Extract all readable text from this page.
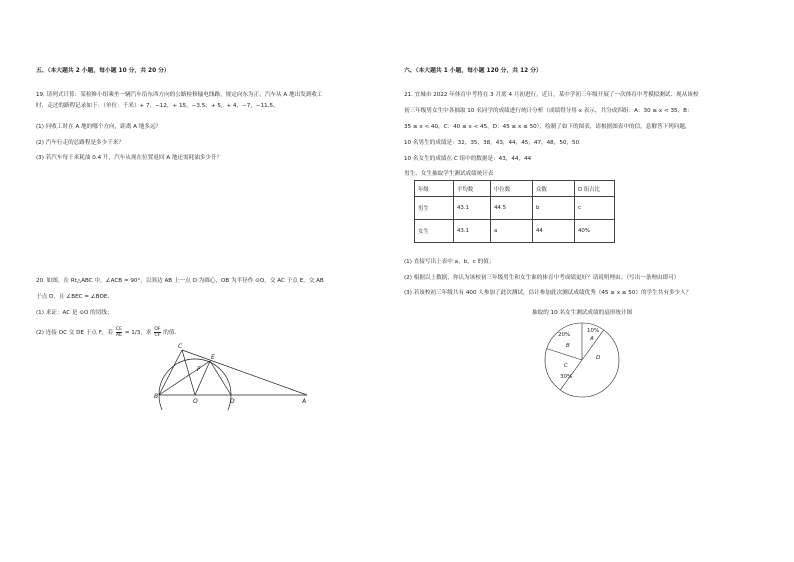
五、（本大题共 2 小题，每小题 10 分，共 20 分）
19. 请列式计算：某检修小组乘坐一辆汽车沿东西方向的公路检修输电线路，规定向东为正，汽车从 A 地出发到收工
时，走过的路程记录如下：（单位：千米）+ 7，−12，+ 15，−3.5，+ 5，+ 4，−7，−11.5，
(1) 问收工时在 A 地的哪个方向，距离 A 地多远？
(2) 汽车行走的总路程是多少千米？
(3) 若汽车每千米耗油 0.4 升，汽车从现在位置返回 A 地还需耗油多少升？
20. 如图，在 Rt△ABC 中，∠ACB = 90°，以斜边 AB 上一点 O 为圆心，OB 为半径作 ⊙O，交 AC 于点 E，交 AB
于点 D，且 ∠BEC = ∠BDE．
(1) 求证：AC 是 ⊙O 的切线；
(2) 连接 OC 交 DE 于点 F，若 $\frac{CE}{AE} = 1/3$，求 $\frac{OF}{CF}$ 的值．
C
E
F
B
O	D	A
六、（本大题共 1 小题，每小题 120 分，共 12 分）
21. 宜城市 2022 年体育中考将在 3 月底 4 月初进行，近日，某中学初三年级开展了一次体育中考模拟测试．现从该校
初三年级男女生中各抽取 10 名同学的成绩进行统计分析（成绩得分用 x 表示，共分成四组：A：30 ≤ x < 35，B：
35 ≤ x < 40，C：40 ≤ x < 45，D：45 ≤ x ≤ 50），绘制了如下的图表，请根据图表中的信，息解答下列问题，
10 名男生的成绩是：32，35，38，43，44，45，47，48，50，50
10 名女生的成绩在 C 组中的数据是：43，44，44
男生、女生抽取学生测试成绩统计表
年级	平均数	中位数	众数	D 组占比
男生	43.1	44.5	b	c
女生	43.1	a	44	40%
(1) 直接写出上表中 a，b，c 的值；
(2) 根据以上数据，你认为该校初三年级男生和女生谁的体育中考成绩更好？请说明理由；（写出一条理由即可）
(3) 若该校初三年级共有 400 人参加了此次测试，估计参加此次测试成绩优秀（45 ≤ x ≤ 50）的学生共有多少人？
抽取的 10 名女生测试成绩的扇形统计图
10%
A
20%
B
C
30%
D
